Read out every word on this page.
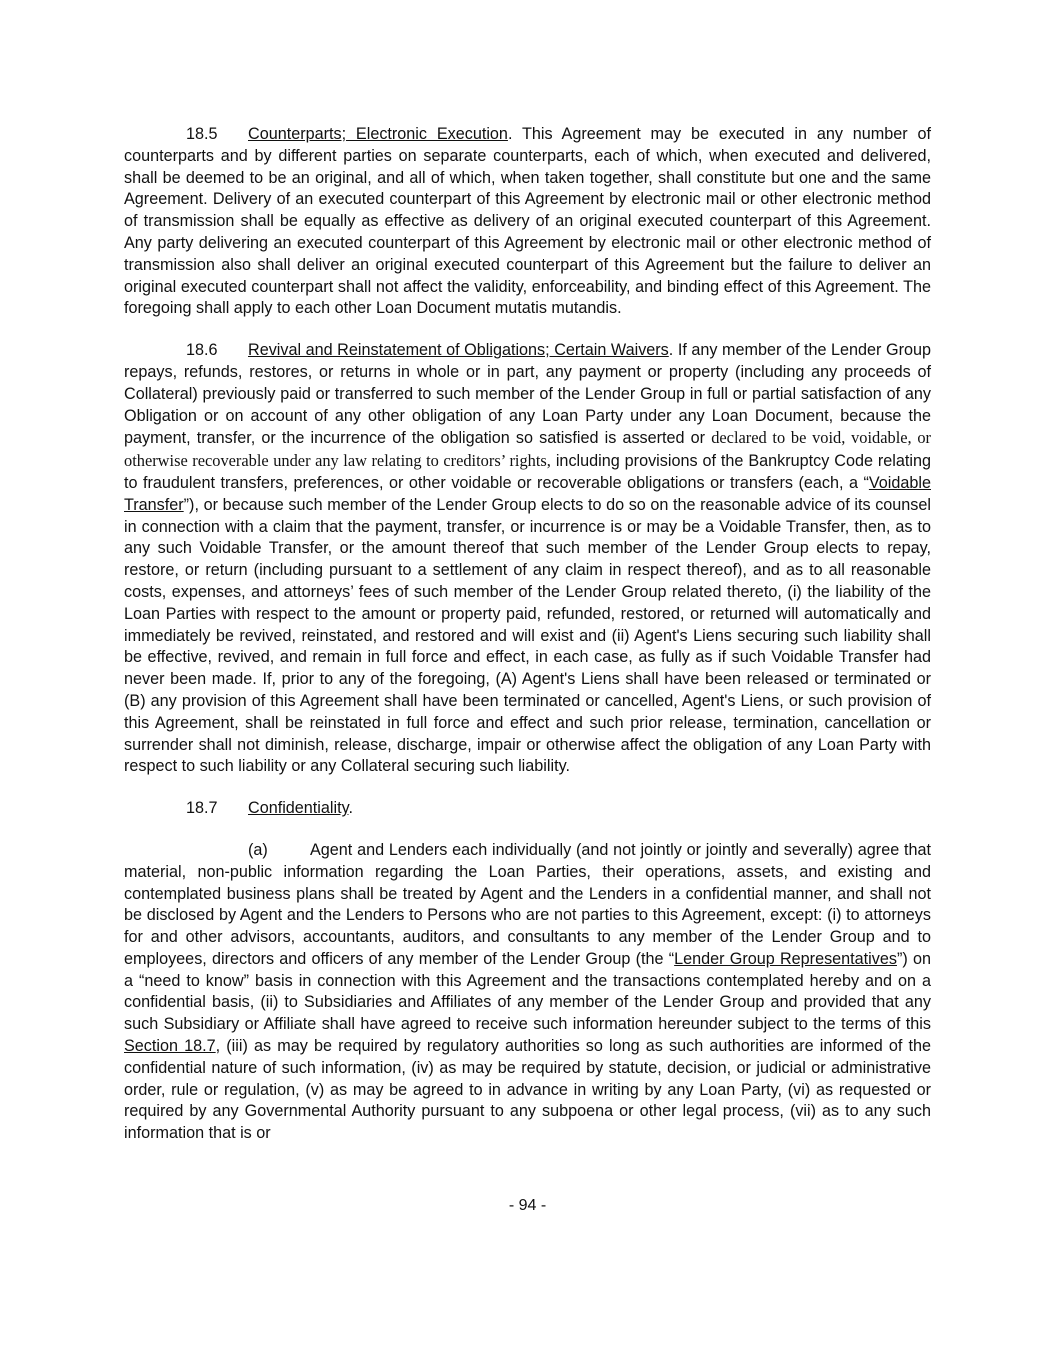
18.5 Counterparts; Electronic Execution. This Agreement may be executed in any number of counterparts and by different parties on separate counterparts, each of which, when executed and delivered, shall be deemed to be an original, and all of which, when taken together, shall constitute but one and the same Agreement. Delivery of an executed counterpart of this Agreement by electronic mail or other electronic method of transmission shall be equally as effective as delivery of an original executed counterpart of this Agreement. Any party delivering an executed counterpart of this Agreement by electronic mail or other electronic method of transmission also shall deliver an original executed counterpart of this Agreement but the failure to deliver an original executed counterpart shall not affect the validity, enforceability, and binding effect of this Agreement. The foregoing shall apply to each other Loan Document mutatis mutandis.

18.6 Revival and Reinstatement of Obligations; Certain Waivers. If any member of the Lender Group repays, refunds, restores, or returns in whole or in part, any payment or property (including any proceeds of Collateral) previously paid or transferred to such member of the Lender Group in full or partial satisfaction of any Obligation or on account of any other obligation of any Loan Party under any Loan Document, because the payment, transfer, or the incurrence of the obligation so satisfied is asserted or declared to be void, voidable, or otherwise recoverable under any law relating to creditors’ rights, including provisions of the Bankruptcy Code relating to fraudulent transfers, preferences, or other voidable or recoverable obligations or transfers (each, a “Voidable Transfer”), or because such member of the Lender Group elects to do so on the reasonable advice of its counsel in connection with a claim that the payment, transfer, or incurrence is or may be a Voidable Transfer, then, as to any such Voidable Transfer, or the amount thereof that such member of the Lender Group elects to repay, restore, or return (including pursuant to a settlement of any claim in respect thereof), and as to all reasonable costs, expenses, and attorneys’ fees of such member of the Lender Group related thereto, (i) the liability of the Loan Parties with respect to the amount or property paid, refunded, restored, or returned will automatically and immediately be revived, reinstated, and restored and will exist and (ii) Agent's Liens securing such liability shall be effective, revived, and remain in full force and effect, in each case, as fully as if such Voidable Transfer had never been made. If, prior to any of the foregoing, (A) Agent's Liens shall have been released or terminated or (B) any provision of this Agreement shall have been terminated or cancelled, Agent's Liens, or such provision of this Agreement, shall be reinstated in full force and effect and such prior release, termination, cancellation or surrender shall not diminish, release, discharge, impair or otherwise affect the obligation of any Loan Party with respect to such liability or any Collateral securing such liability.

18.7 Confidentiality.

(a)	Agent and Lenders each individually (and not jointly or jointly and severally) agree that material, non-public information regarding the Loan Parties, their operations, assets, and existing and contemplated business plans shall be treated by Agent and the Lenders in a confidential manner, and shall not be disclosed by Agent and the Lenders to Persons who are not parties to this Agreement, except: (i) to attorneys for and other advisors, accountants, auditors, and consultants to any member of the Lender Group and to employees, directors and officers of any member of the Lender Group (the “Lender Group Representatives”) on a “need to know” basis in connection with this Agreement and the transactions contemplated hereby and on a confidential basis, (ii) to Subsidiaries and Affiliates of any member of the Lender Group and provided that any such Subsidiary or Affiliate shall have agreed to receive such information hereunder subject to the terms of this Section 18.7, (iii) as may be required by regulatory authorities so long as such authorities are informed of the confidential nature of such information, (iv) as may be required by statute, decision, or judicial or administrative order, rule or regulation, (v) as may be agreed to in advance in writing by any Loan Party, (vi) as requested or required by any Governmental Authority pursuant to any subpoena or other legal process, (vii) as to any such information that is or

- 94 -
